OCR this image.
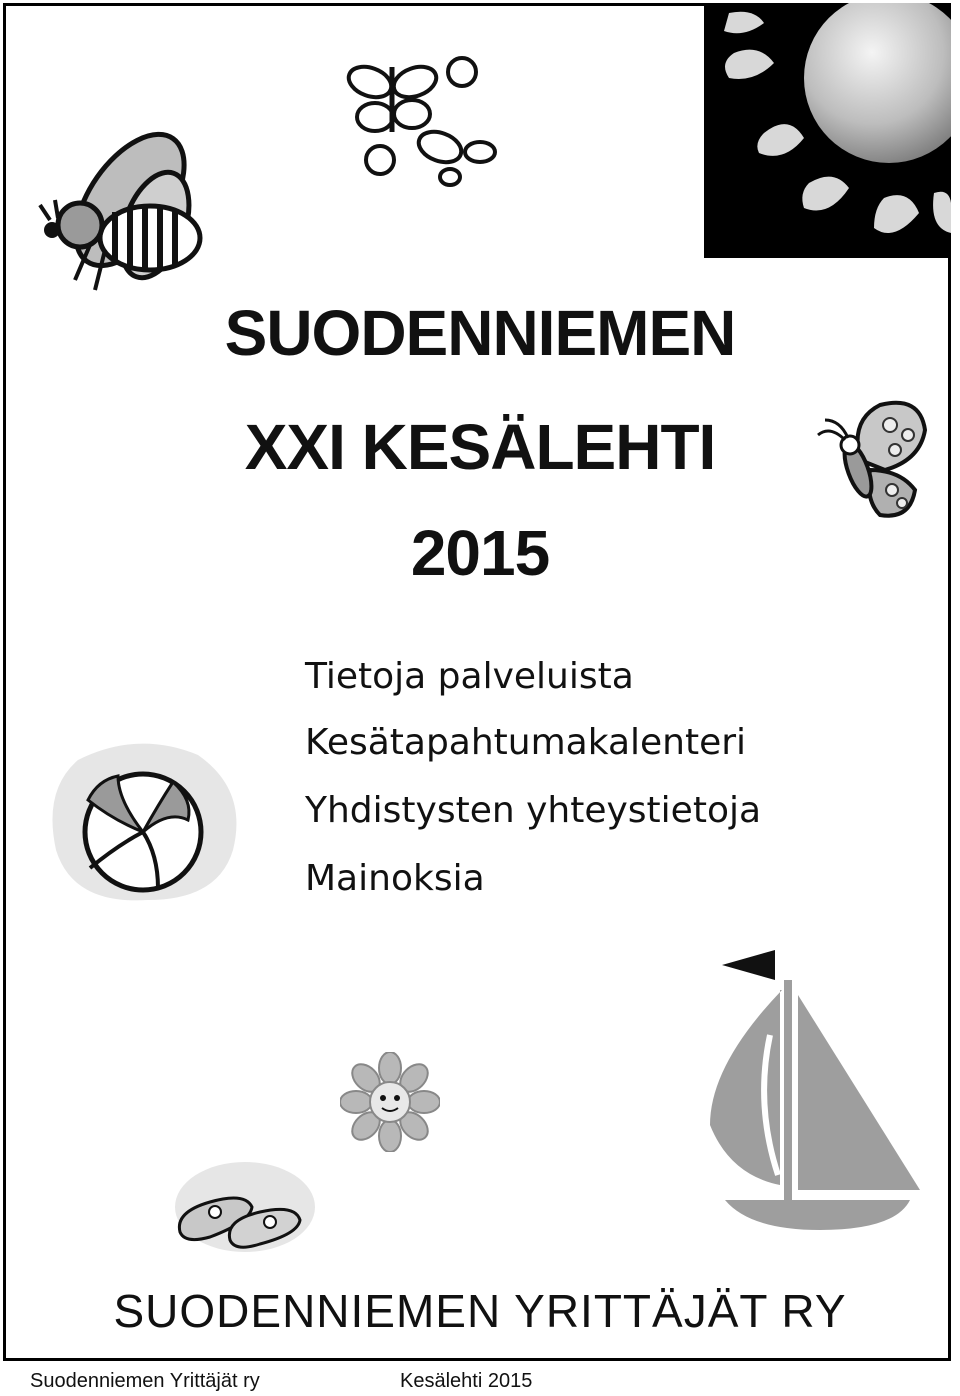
SUODENNIEMEN
XXI KESÄLEHTI
2015
Tietoja palveluista
Kesätapahtumakalenteri
Yhdistysten yhteystietoja
Mainoksia
SUODENNIEMEN YRITTÄJÄT RY
Suodenniemen Yrittäjät ry	Kesälehti 2015
